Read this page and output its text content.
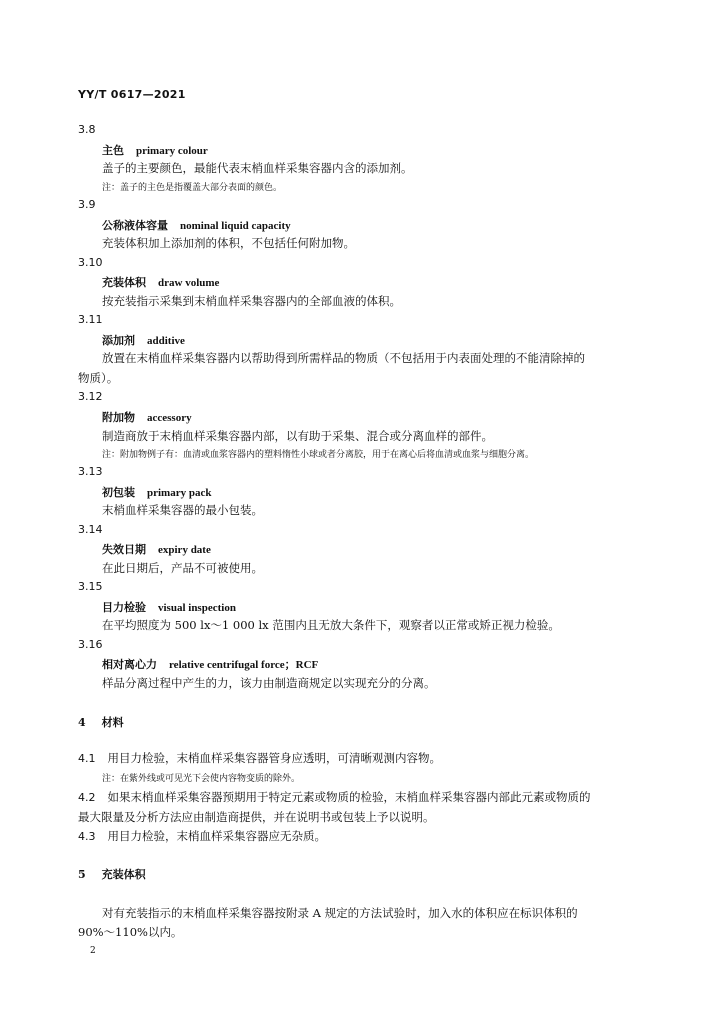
YY/T 0617—2021
3.8
主色 primary colour
盖子的主要颜色，最能代表末梢血样采集容器内含的添加剂。
注：盖子的主色是指覆盖大部分表面的颜色。
3.9
公称液体容量 nominal liquid capacity
充装体积加上添加剂的体积，不包括任何附加物。
3.10
充装体积 draw volume
按充装指示采集到末梢血样采集容器内的全部血液的体积。
3.11
添加剂 additive
放置在末梢血样采集容器内以帮助得到所需样品的物质（不包括用于内表面处理的不能清除掉的
物质）。
3.12
附加物 accessory
制造商放于末梢血样采集容器内部，以有助于采集、混合或分离血样的部件。
注：附加物例子有：血清或血浆容器内的塑料惰性小球或者分离胶，用于在离心后将血清或血浆与细胞分离。
3.13
初包装 primary pack
末梢血样采集容器的最小包装。
3.14
失效日期 expiry date
在此日期后，产品不可被使用。
3.15
目力检验 visual inspection
在平均照度为 500 lx～1 000 lx 范围内且无放大条件下，观察者以正常或矫正视力检验。
3.16
相对离心力 relative centrifugal force；RCF
样品分离过程中产生的力，该力由制造商规定以实现充分的分离。
4 材料
4.1 用目力检验，末梢血样采集容器管身应透明，可清晰观测内容物。
注：在紫外线或可见光下会使内容物变质的除外。
4.2 如果末梢血样采集容器预期用于特定元素或物质的检验，末梢血样采集容器内部此元素或物质的
最大限量及分析方法应由制造商提供，并在说明书或包装上予以说明。
4.3 用目力检验，末梢血样采集容器应无杂质。
5 充装体积
对有充装指示的末梢血样采集容器按附录 A 规定的方法试验时，加入水的体积应在标识体积的
90%～110%以内。
2
